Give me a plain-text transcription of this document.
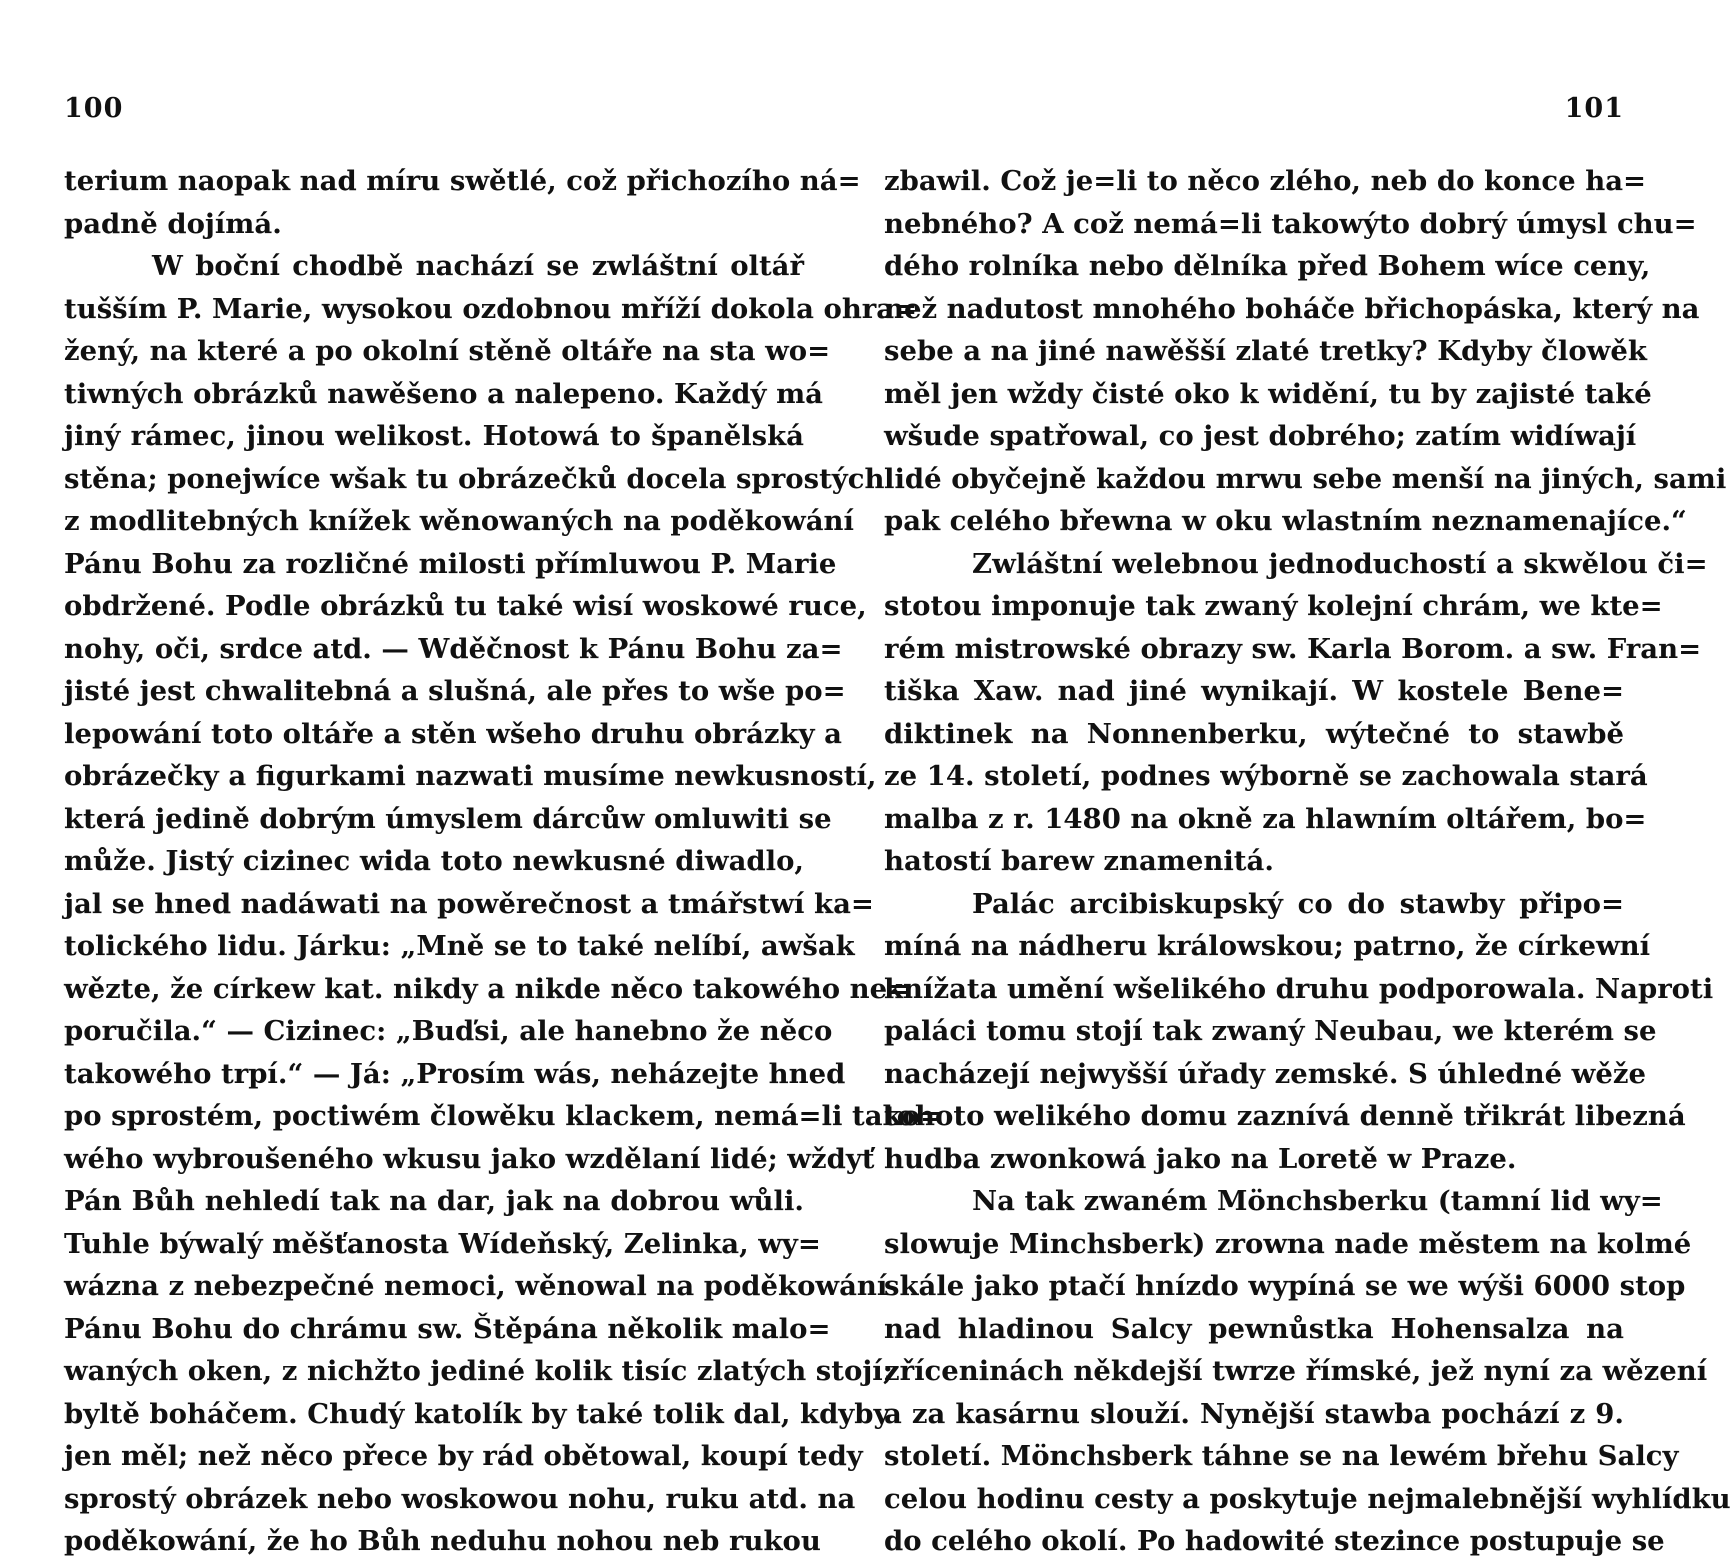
100
terium naopak nad míru swětlé, což přichozího ná=
padně dojímá.
W boční chodbě nachází se zwláštní oltář
tušším P. Marie, wysokou ozdobnou mříží dokola ohra=
žený, na které a po okolní stěně oltáře na sta wo=
tiwných obrázků nawěšeno a nalepeno. Každý má
jiný rámec, jinou welikost. Hotowá to španělská
stěna; ponejwíce wšak tu obrázečků docela sprostých
z modlitebných knížek wěnowaných na poděkowání
Pánu Bohu za rozličné milosti přímluwou P. Marie
obdržené. Podle obrázků tu také wisí woskowé ruce,
nohy, oči, srdce atd. — Wděčnost k Pánu Bohu za=
jisté jest chwalitebná a slušná, ale přes to wše po=
lepowání toto oltáře a stěn wšeho druhu obrázky a
obrázečky a figurkami nazwati musíme newkusností,
která jedině dobrým úmyslem dárcůw omluwiti se
může. Jistý cizinec wida toto newkusné diwadlo,
jal se hned nadáwati na powěrečnost a tmářstwí ka=
tolického lidu. Járku: „Mně se to také nelíbí, awšak
wězte, že církew kat. nikdy a nikde něco takowého ne=
poručila.“ — Cizinec: „Buďsi, ale hanebno že něco
takowého trpí.“ — Já: „Prosím wás, neházejte hned
po sprostém, poctiwém člowěku klackem, nemá=li tako=
wého wybroušeného wkusu jako wzdělaní lidé; wždyť
Pán Bůh nehledí tak na dar, jak na dobrou wůli.
Tuhle býwalý měšťanosta Wídeňský, Zelinka, wy=
wázna z nebezpečné nemoci, wěnowal na poděkowání
Pánu Bohu do chrámu sw. Štěpána několik malo=
waných oken, z nichžto jediné kolik tisíc zlatých stojí;
byltě boháčem. Chudý katolík by také tolik dal, kdyby
jen měl; než něco přece by rád obětowal, koupí tedy
sprostý obrázek nebo woskowou nohu, ruku atd. na
poděkowání, že ho Bůh neduhu nohou neb rukou
101
zbawil. Což je=li to něco zlého, neb do konce ha=
nebného? A což nemá=li takowýto dobrý úmysl chu=
dého rolníka nebo dělníka před Bohem wíce ceny,
než nadutost mnohého boháče břichopáska, který na
sebe a na jiné nawěšší zlaté tretky? Kdyby člowěk
měl jen wždy čisté oko k widění, tu by zajisté také
wšude spatřowal, co jest dobrého; zatím widíwají
lidé obyčejně každou mrwu sebe menší na jiných, sami
pak celého břewna w oku wlastním neznamenajíce.“
Zwláštní welebnou jednoduchostí a skwělou či=
stotou imponuje tak zwaný kolejní chrám, we kte=
rém mistrowské obrazy sw. Karla Borom. a sw. Fran=
tiška Xaw. nad jiné wynikají. W kostele Bene=
diktinek na Nonnenberku, wýtečné to stawbě
ze 14. století, podnes wýborně se zachowala stará
malba z r. 1480 na okně za hlawním oltářem, bo=
hatostí barew znamenitá.
Palác arcibiskupský co do stawby připo=
míná na nádheru králowskou; patrno, že církewní
knížata umění wšelikého druhu podporowala. Naproti
paláci tomu stojí tak zwaný Neubau, we kterém se
nacházejí nejwyšší úřady zemské. S úhledné wěže
tohoto welikého domu zaznívá denně třikrát libezná
hudba zwonkowá jako na Loretě w Praze.
Na tak zwaném Mönchsberku (tamní lid wy=
slowuje Minchsberk) zrowna nade městem na kolmé
skále jako ptačí hnízdo wypíná se we wýši 6000 stop
nad hladinou Salcy pewnůstka Hohensalza na
zříceninách někdejší twrze římské, jež nyní za wězení
a za kasárnu slouží. Nynější stawba pochází z 9.
století. Mönchsberk táhne se na lewém břehu Salcy
celou hodinu cesty a poskytuje nejmalebnější wyhlídku
do celého okolí. Po hadowité stezince postupuje se
